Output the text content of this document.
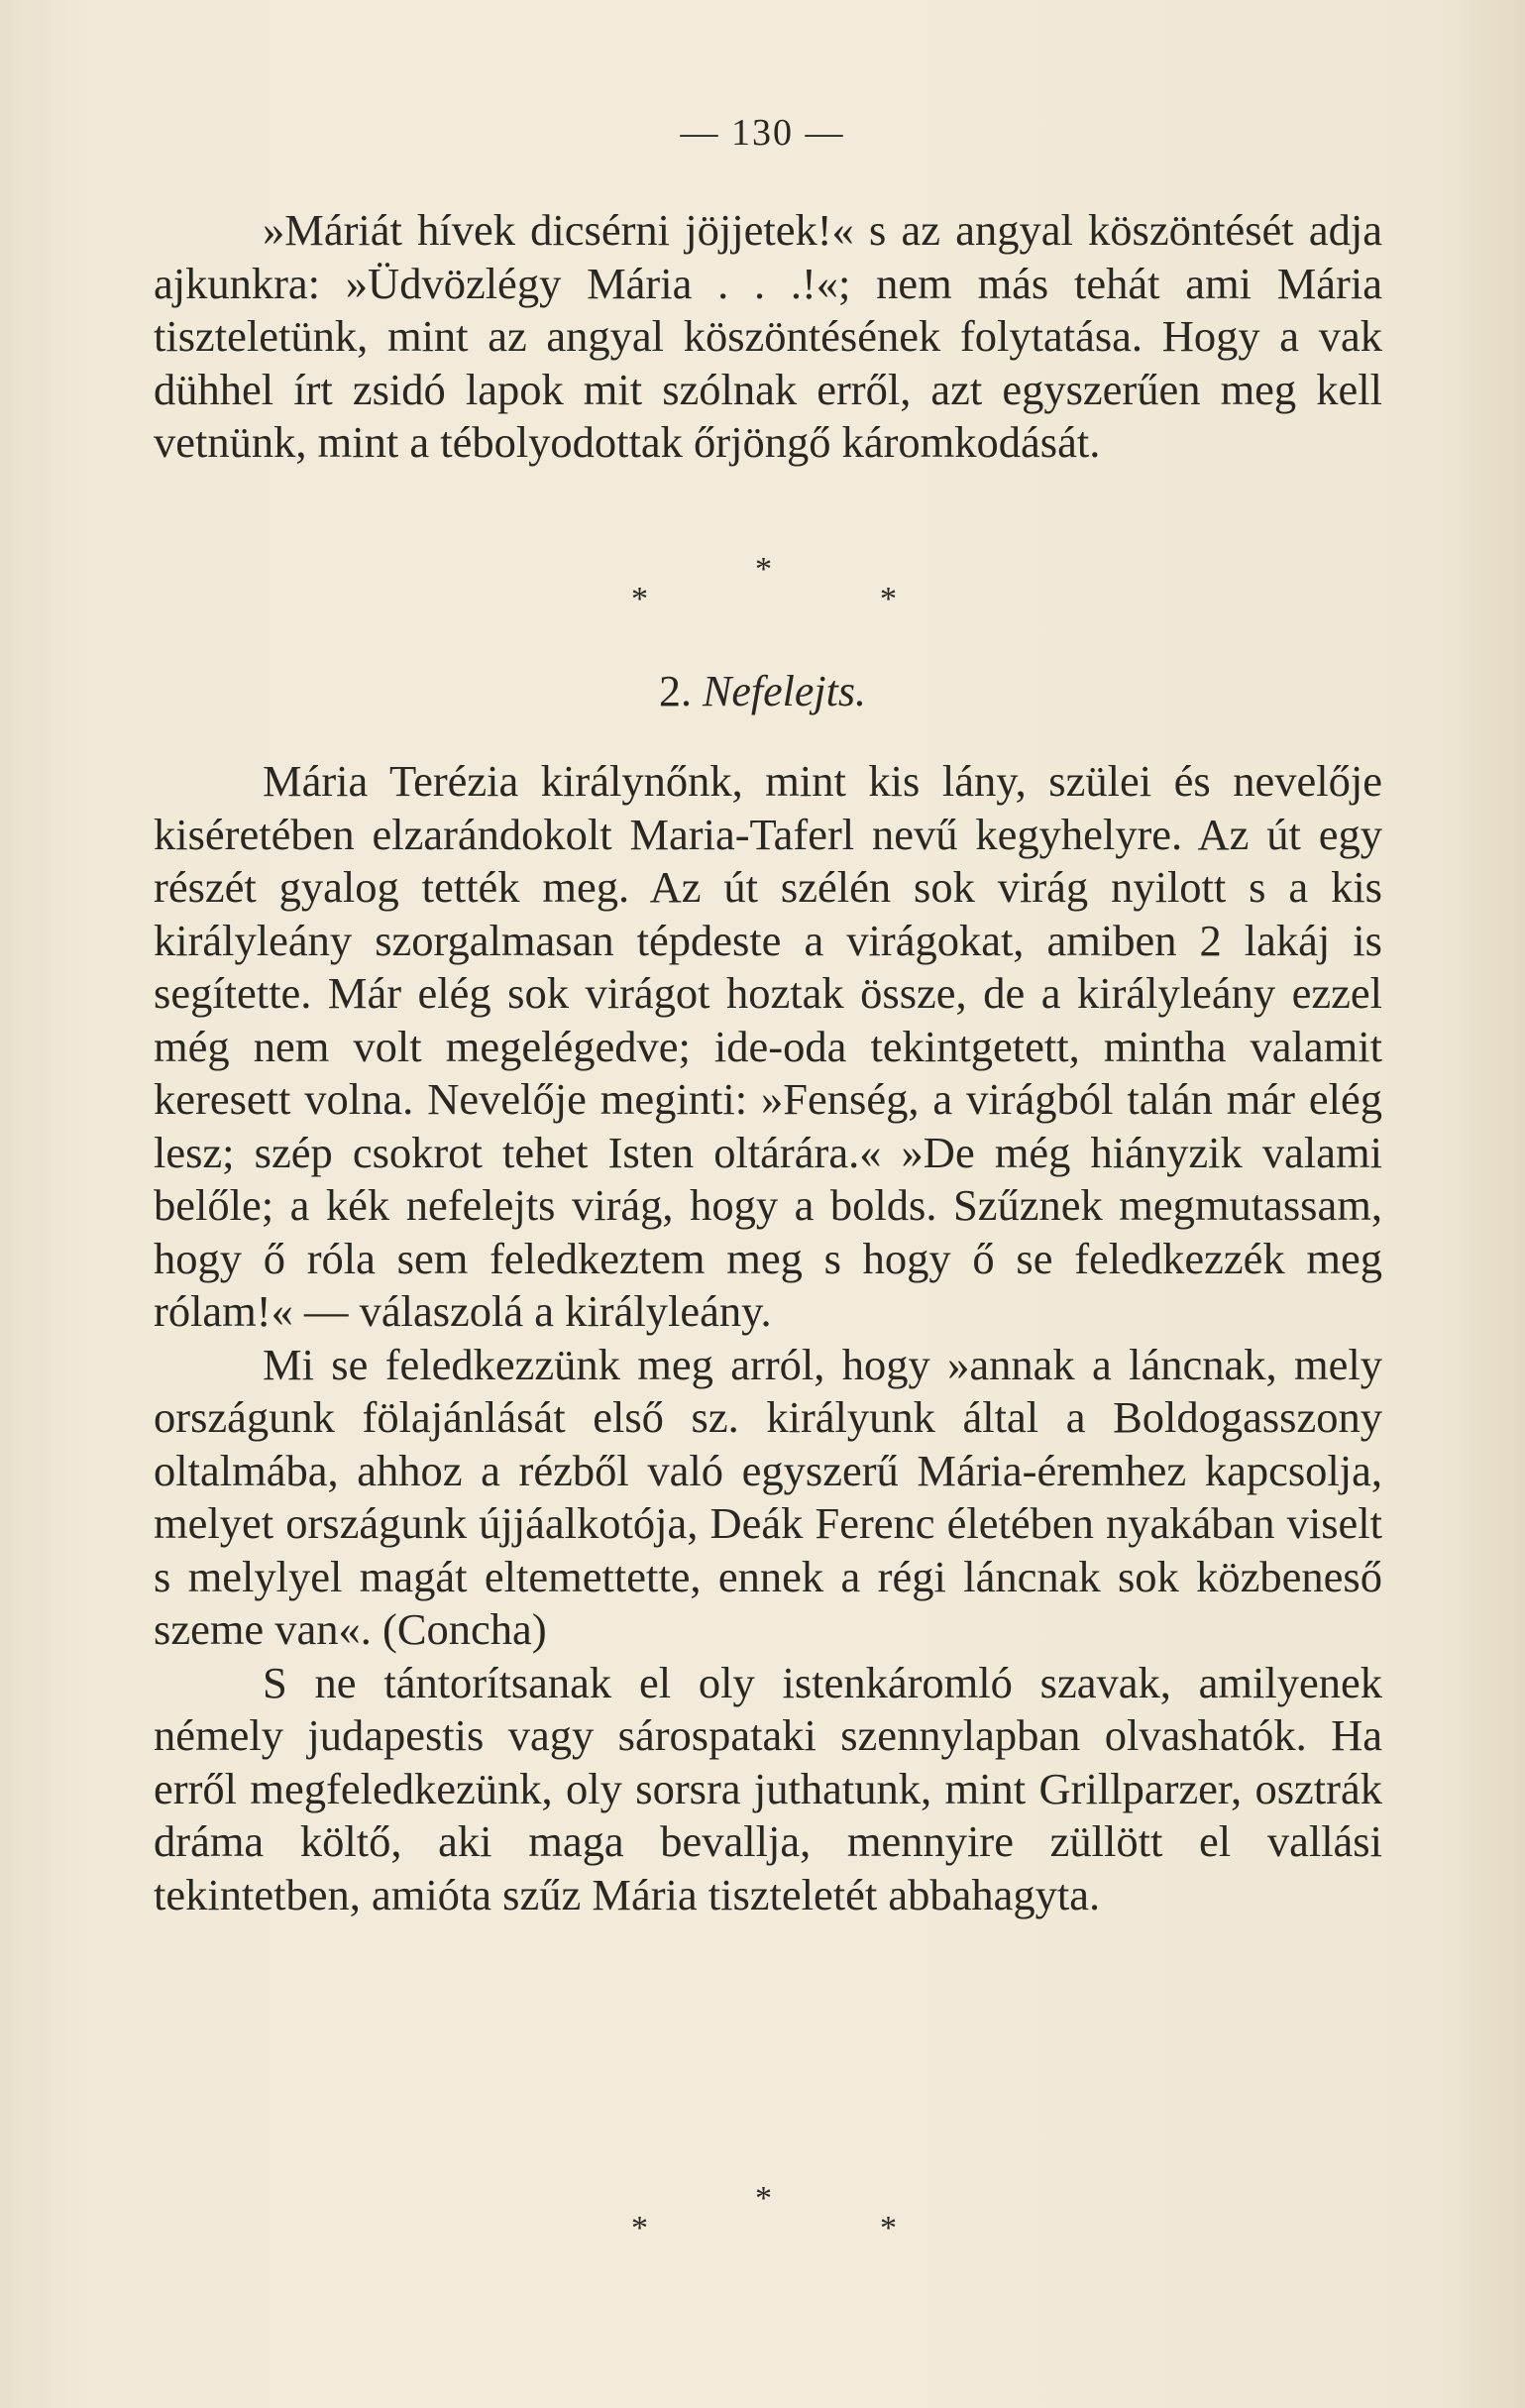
— 130 —

»Máriát hívek dicsérni jöjjetek!« s az angyal köszöntését adja ajkunkra: »Üdvözlégy Mária . . .!«; nem más tehát ami Mária tiszteletünk, mint az angyal köszöntésének folytatása. Hogy a vak dühhel írt zsidó lapok mit szólnak erről, azt egyszerűen meg kell vetnünk, mint a tébolyodottak őrjöngő káromkodását.

*
*	*
2. Nefelejts.

Mária Terézia királynőnk, mint kis lány, szülei és nevelője kiséretében elzarándokolt Maria-Taferl nevű kegyhelyre. Az út egy részét gyalog tették meg. Az út szélén sok virág nyilott s a kis királyleány szorgalmasan tépdeste a virágokat, amiben 2 lakáj is segítette. Már elég sok virágot hoztak össze, de a királyleány ezzel még nem volt megelégedve; ide-oda tekintgetett, mintha valamit keresett volna. Nevelője meginti: »Fenség, a virágból talán már elég lesz; szép csokrot tehet Isten oltárára.« »De még hiányzik valami belőle; a kék nefelejts virág, hogy a bolds. Szűznek megmutassam, hogy ő róla sem feledkeztem meg s hogy ő se feledkezzék meg rólam!« — válaszolá a királyleány.

Mi se feledkezzünk meg arról, hogy »annak a láncnak, mely országunk fölajánlását első sz. királyunk által a Boldogasszony oltalmába, ahhoz a rézből való egyszerű Mária-éremhez kapcsolja, melyet országunk újjáalkotója, Deák Ferenc életében nyakában viselt s melylyel magát eltemettette, ennek a régi láncnak sok közbeneső szeme van«. (Concha)

S ne tántorítsanak el oly istenkáromló szavak, amilyenek némely judapestis vagy sárospataki szennylapban olvashatók. Ha erről megfeledkezünk, oly sorsra juthatunk, mint Grillparzer, osztrák dráma költő, aki maga bevallja, mennyire züllött el vallási tekintetben, amióta szűz Mária tiszteletét abbahagyta.

*
*	*
